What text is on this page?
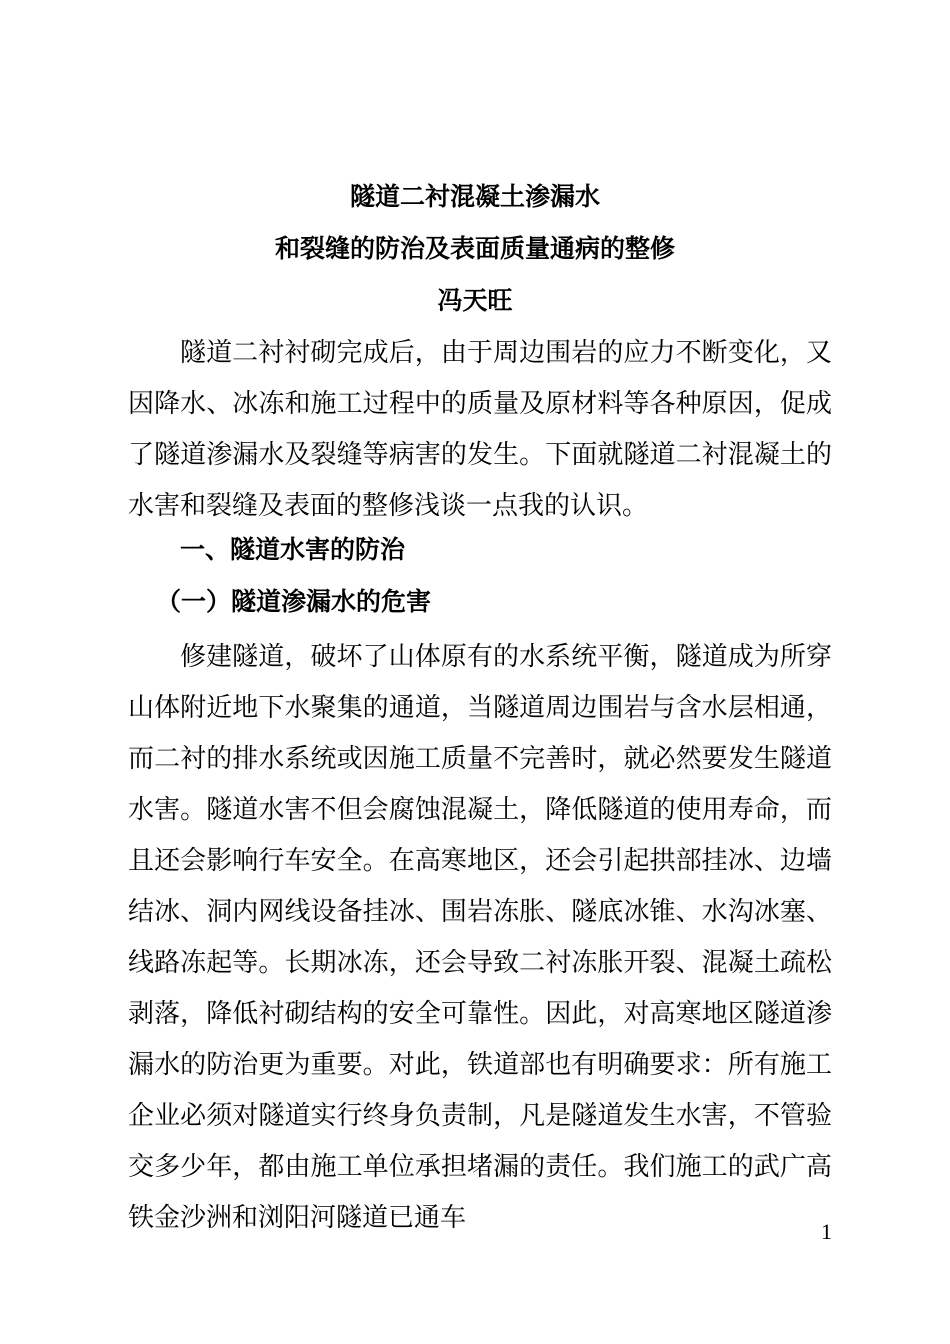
隧道二衬混凝土渗漏水
和裂缝的防治及表面质量通病的整修
冯天旺

隧道二衬衬砌完成后，由于周边围岩的应力不断变化，又因降水、冰冻和施工过程中的质量及原材料等各种原因，促成了隧道渗漏水及裂缝等病害的发生。下面就隧道二衬混凝土的水害和裂缝及表面的整修浅谈一点我的认识。

一、隧道水害的防治
（一）隧道渗漏水的危害

修建隧道，破坏了山体原有的水系统平衡，隧道成为所穿山体附近地下水聚集的通道，当隧道周边围岩与含水层相通，而二衬的排水系统或因施工质量不完善时，就必然要发生隧道水害。隧道水害不但会腐蚀混凝土，降低隧道的使用寿命，而且还会影响行车安全。在高寒地区，还会引起拱部挂冰、边墙结冰、洞内网线设备挂冰、围岩冻胀、隧底冰锥、水沟冰塞、线路冻起等。长期冰冻，还会导致二衬冻胀开裂、混凝土疏松剥落，降低衬砌结构的安全可靠性。因此，对高寒地区隧道渗漏水的防治更为重要。对此，铁道部也有明确要求：所有施工企业必须对隧道实行终身负责制，凡是隧道发生水害，不管验交多少年，都由施工单位承担堵漏的责任。我们施工的武广高铁金沙洲和浏阳河隧道已通车	1
